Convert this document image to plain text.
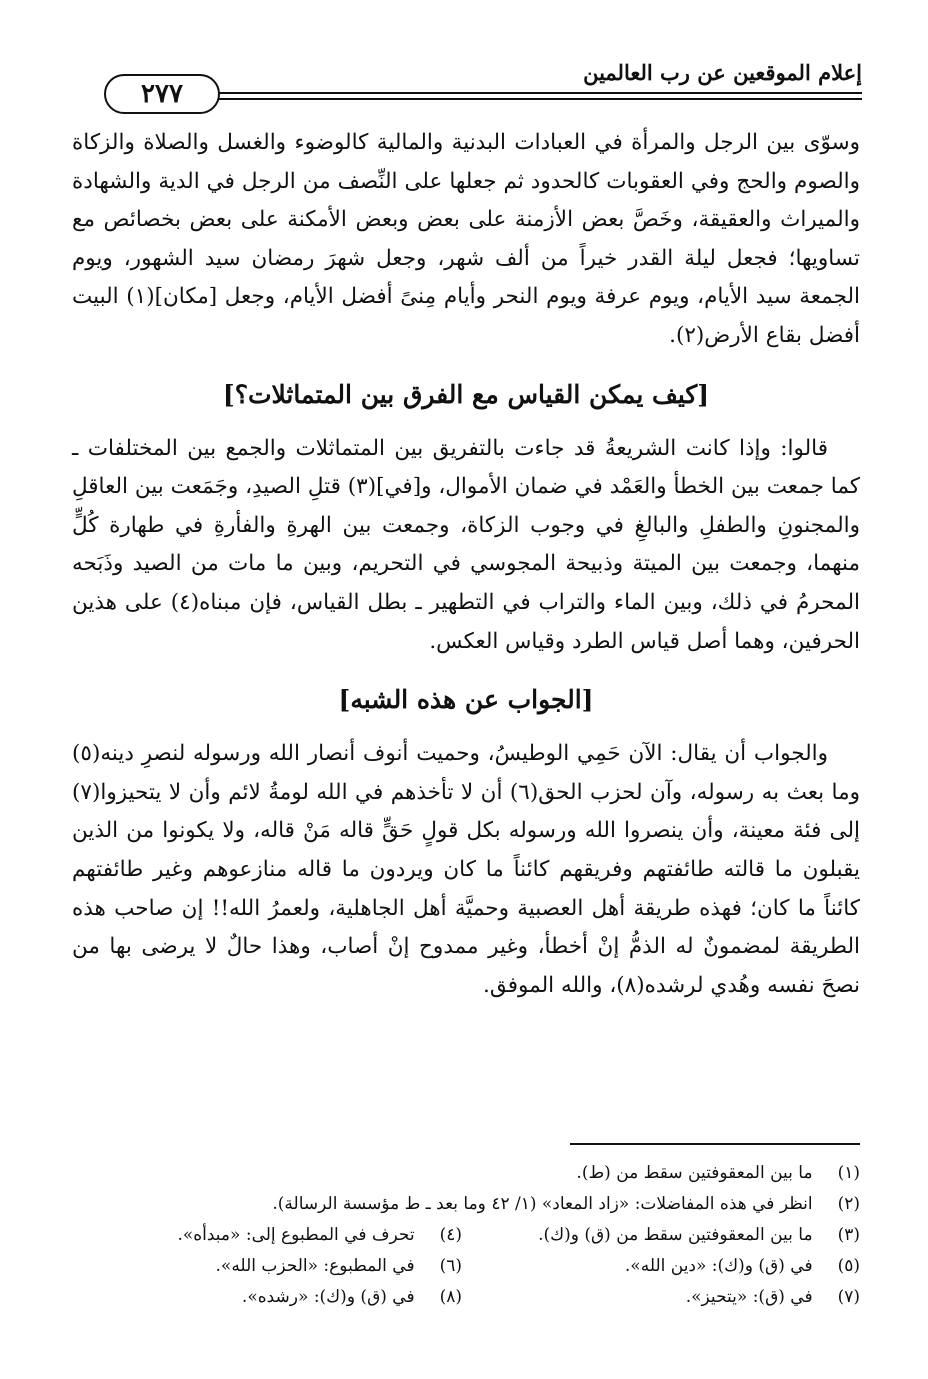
إعلام الموقعين عن رب العالمين
٢٧٧

وسوّى بين الرجل والمرأة في العبادات البدنية والمالية كالوضوء والغسل والصلاة والزكاة والصوم والحج وفي العقوبات كالحدود ثم جعلها على النِّصف من الرجل في الدية والشهادة والميراث والعقيقة، وخَصَّ بعض الأزمنة على بعض وبعض الأمكنة على بعض بخصائص مع تساويها؛ فجعل ليلة القدر خيراً من ألف شهر، وجعل شهرَ رمضان سيد الشهور، ويوم الجمعة سيد الأيام، ويوم عرفة ويوم النحر وأيام مِنىً أفضل الأيام، وجعل [مكان](١) البيت أفضل بقاع الأرض(٢).

[كيف يمكن القياس مع الفرق بين المتماثلات؟]

قالوا: وإذا كانت الشريعةُ قد جاءت بالتفريق بين المتماثلات والجمع بين المختلفات ـ كما جمعت بين الخطأ والعَمْد في ضمان الأموال، و[في](٣) قتلِ الصيدِ، وجَمَعت بين العاقلِ والمجنونِ والطفلِ والبالغِ في وجوب الزكاة، وجمعت بين الهرةِ والفأرةِ في طهارة كُلٍّ منهما، وجمعت بين الميتة وذبيحة المجوسي في التحريم، وبين ما مات من الصيد وذَبَحه المحرمُ في ذلك، وبين الماء والتراب في التطهير ـ بطل القياس، فإن مبناه(٤) على هذين الحرفين، وهما أصل قياس الطرد وقياس العكس.

[الجواب عن هذه الشبه]

والجواب أن يقال: الآن حَمِي الوطيسُ، وحميت أنوف أنصار الله ورسوله لنصرِ دينه(٥) وما بعث به رسوله، وآن لحزب الحق(٦) أن لا تأخذهم في الله لومةُ لائم وأن لا يتحيزوا(٧) إلى فئة معينة، وأن ينصروا الله ورسوله بكل قولٍ حَقٍّ قاله مَنْ قاله، ولا يكونوا من الذين يقبلون ما قالته طائفتهم وفريقهم كائناً ما كان ويردون ما قاله منازعوهم وغير طائفتهم كائناً ما كان؛ فهذه طريقة أهل العصبية وحميَّة أهل الجاهلية، ولعمرُ الله!! إن صاحب هذه الطريقة لمضمونٌ له الذمُّ إنْ أخطأ، وغير ممدوح إنْ أصاب، وهذا حالٌ لا يرضى بها من نصحَ نفسه وهُدي لرشده(٨)، والله الموفق.

(١) ما بين المعقوفتين سقط من (ط).
(٢) انظر في هذه المفاضلات: «زاد المعاد» (١/ ٤٢ وما بعد ـ ط مؤسسة الرسالة).
(٣) ما بين المعقوفتين سقط من (ق) و(ك).
(٤) تحرف في المطبوع إلى: «مبدأه».
(٥) في (ق) و(ك): «دين الله».
(٦) في المطبوع: «الحزب الله».
(٧) في (ق): «يتحيز».
(٨) في (ق) و(ك): «رشده».
